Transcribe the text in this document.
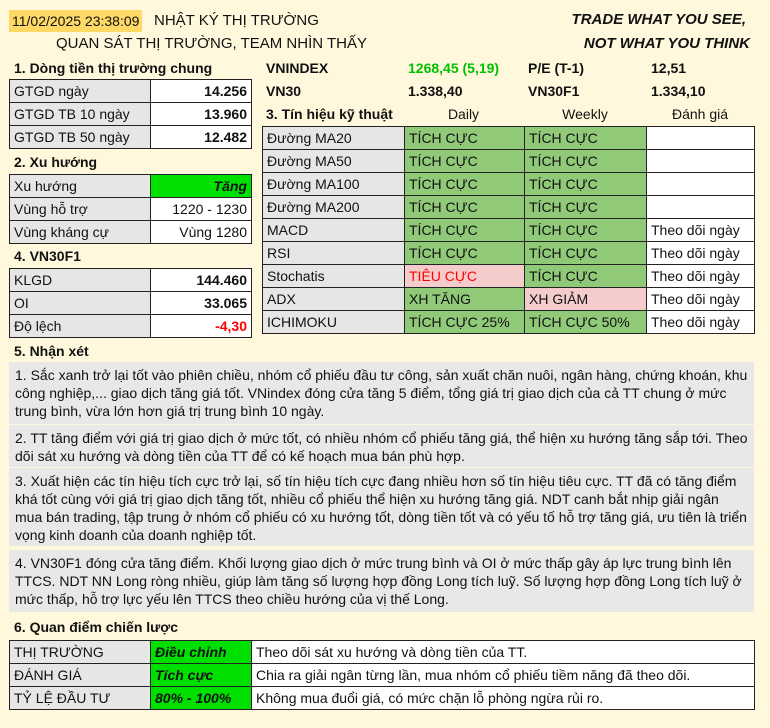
11/02/2025 23:38:09 NHẬT KÝ THỊ TRƯỜNG
QUAN SÁT THỊ TRƯỜNG, TEAM NHÌN THẤY
TRADE WHAT YOU SEE,
NOT WHAT YOU THINK
VNINDEX	1268,45 (5,19) P/E (T-1)	12,51
VN30	1.338,40	VN30F1	1.334,10
1. Dòng tiền thị trường chung
GTGD ngày	14.256
GTGD TB 10 ngày	13.960
GTGD TB 50 ngày	12.482
2. Xu hướng
Xu hướng	Tăng
Vùng hỗ trợ	1220 - 1230
Vùng kháng cự	Vùng 1280
4. VN30F1
KLGD	144.460
OI	33.065
Độ lệch	-4,30
3. Tín hiệu kỹ thuật	Daily	Weekly	Đánh giá
Đường MA20	TÍCH CỰC	TÍCH CỰC	
Đường MA50	TÍCH CỰC	TÍCH CỰC	
Đường MA100	TÍCH CỰC	TÍCH CỰC	
Đường MA200	TÍCH CỰC	TÍCH CỰC	
MACD	TÍCH CỰC	TÍCH CỰC	Theo dõi ngày
RSI	TÍCH CỰC	TÍCH CỰC	Theo dõi ngày
Stochatis	TIÊU CỰC	TÍCH CỰC	Theo dõi ngày
ADX	XH TĂNG	XH GIẢM	Theo dõi ngày
ICHIMOKU	TÍCH CỰC 25%	TÍCH CỰC 50%	Theo dõi ngày
5. Nhận xét
1. Sắc xanh trở lại tốt vào phiên chiều, nhóm cổ phiếu đầu tư công, sản xuất chăn nuôi, ngân hàng, chứng khoán, khu công nghiệp,... giao dịch tăng giá tốt. VNindex đóng cửa tăng 5 điểm, tổng giá trị giao dịch của cả TT chung ở mức trung bình, vừa lớn hơn giá trị trung bình 10 ngày.
2. TT tăng điểm với giá trị giao dịch ở mức tốt, có nhiều nhóm cổ phiếu tăng giá, thể hiện xu hướng tăng sắp tới. Theo dõi sát xu hướng và dòng tiền của TT để có kế hoạch mua bán phù hợp.
3. Xuất hiện các tín hiệu tích cực trở lại, số tín hiệu tích cực đang nhiều hơn số tín hiệu tiêu cực. TT đã có tăng điểm khá tốt cùng với giá trị giao dịch tăng tốt, nhiều cổ phiếu thể hiện xu hướng tăng giá. NDT canh bắt nhịp giải ngân mua bán trading, tập trung ở nhóm cổ phiếu có xu hướng tốt, dòng tiền tốt và có yếu tố hỗ trợ tăng giá, ưu tiên là triển vọng kinh doanh của doanh nghiệp tốt.
4. VN30F1 đóng cửa tăng điểm. Khối lượng giao dịch ở mức trung bình và OI ở mức thấp gây áp lực trung bình lên TTCS. NDT NN Long ròng nhiều, giúp làm tăng số lượng hợp đồng Long tích luỹ. Số lượng hợp đồng Long tích luỹ ở mức thấp, hỗ trợ lực yếu lên TTCS theo chiều hướng của vị thế Long.
6. Quan điểm chiến lược
THỊ TRƯỜNG	Điều chỉnh	Theo dõi sát xu hướng và dòng tiền của TT.
ĐÁNH GIÁ	Tích cực	Chia ra giải ngân từng lần, mua nhóm cổ phiếu tiềm năng đã theo dõi.
TỶ LỆ ĐẦU TƯ	80% - 100%	Không mua đuổi giá, có mức chặn lỗ phòng ngừa rủi ro.
